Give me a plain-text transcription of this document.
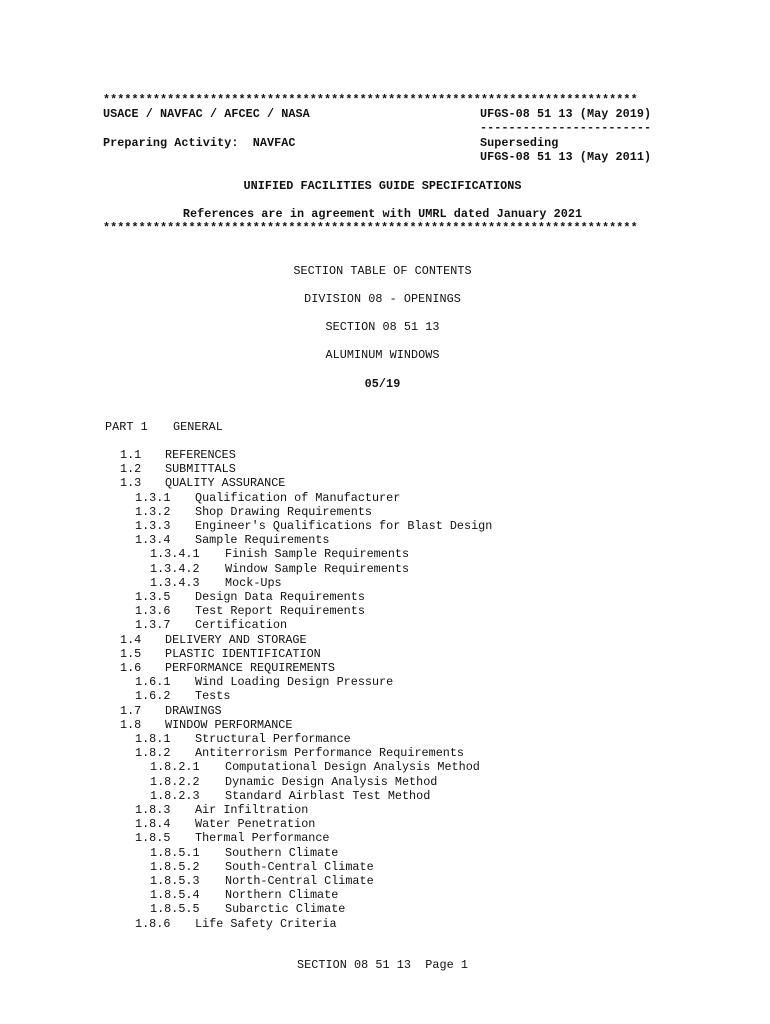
***************************************************************************
USACE / NAVFAC / AFCEC / NASA	UFGS-08 51 13 (May 2019)
------------------------
Preparing Activity:  NAVFAC	Superseding
UFGS-08 51 13 (May 2011)
UNIFIED FACILITIES GUIDE SPECIFICATIONS
References are in agreement with UMRL dated January 2021
***************************************************************************
SECTION TABLE OF CONTENTS
DIVISION 08 - OPENINGS
SECTION 08 51 13
ALUMINUM WINDOWS
05/19
PART 1 GENERAL
1.1 REFERENCES
1.2 SUBMITTALS
1.3 QUALITY ASSURANCE
1.3.1 Qualification of Manufacturer
1.3.2 Shop Drawing Requirements
1.3.3 Engineer's Qualifications for Blast Design
1.3.4 Sample Requirements
1.3.4.1 Finish Sample Requirements
1.3.4.2 Window Sample Requirements
1.3.4.3 Mock-Ups
1.3.5 Design Data Requirements
1.3.6 Test Report Requirements
1.3.7 Certification
1.4 DELIVERY AND STORAGE
1.5 PLASTIC IDENTIFICATION
1.6 PERFORMANCE REQUIREMENTS
1.6.1 Wind Loading Design Pressure
1.6.2 Tests
1.7 DRAWINGS
1.8 WINDOW PERFORMANCE
1.8.1 Structural Performance
1.8.2 Antiterrorism Performance Requirements
1.8.2.1 Computational Design Analysis Method
1.8.2.2 Dynamic Design Analysis Method
1.8.2.3 Standard Airblast Test Method
1.8.3 Air Infiltration
1.8.4 Water Penetration
1.8.5 Thermal Performance
1.8.5.1 Southern Climate
1.8.5.2 South-Central Climate
1.8.5.3 North-Central Climate
1.8.5.4 Northern Climate
1.8.5.5 Subarctic Climate
1.8.6 Life Safety Criteria
SECTION 08 51 13  Page 1
